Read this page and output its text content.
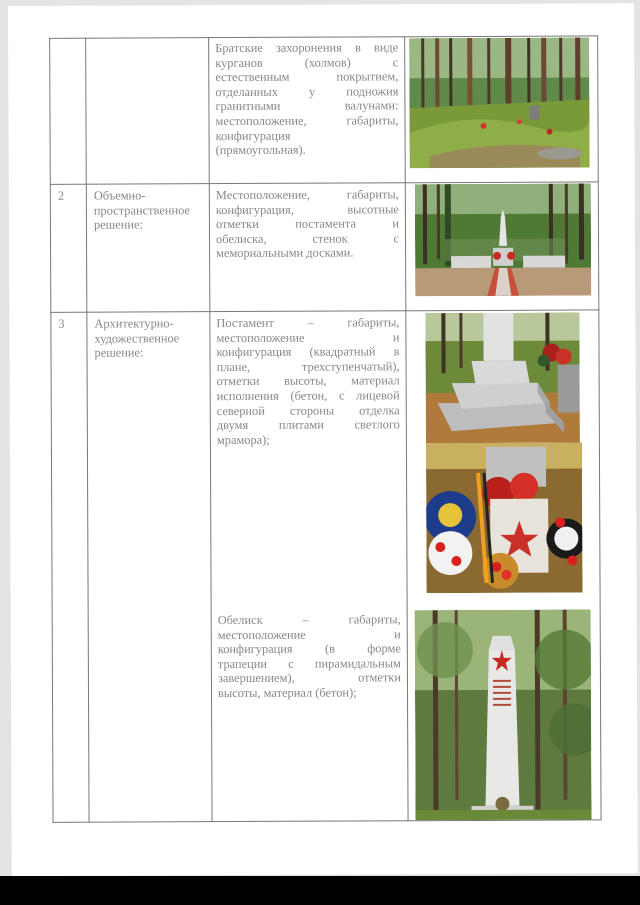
Братские захоронения в виде
курганов (холмов) с
естественным покрытием,
отделанных у подножия
гранитными валунами:
местоположение, габариты,
конфигурация
(прямоугольная).
2 Объемно-
пространственное
решение:
Местоположение, габариты,
конфигурация, высотные
отметки постамента и
обелиска, стенок с
мемориальными досками.
3 Архитектурно-
художественное
решение:
Постамент – габариты,
местоположение и
конфигурация (квадратный в
плане, трехступенчатый),
отметки высоты, материал
исполнения (бетон, с лицевой
северной стороны отделка
двумя плитами светлого
мрамора);
Обелиск – габариты,
местоположение и
конфигурация (в форме
трапеции с пирамидальным
завершением), отметки
высоты, материал (бетон);
